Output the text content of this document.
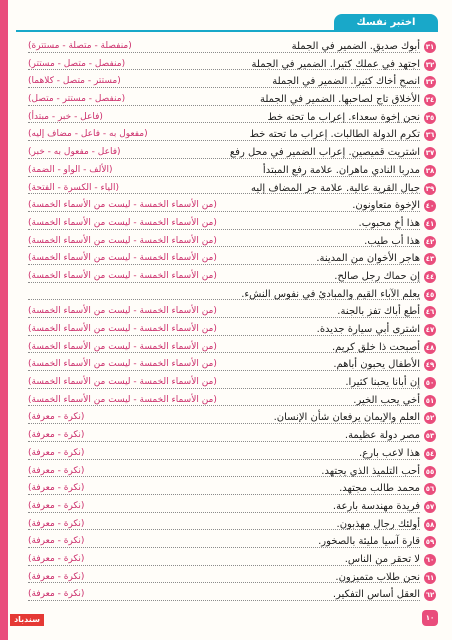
اختبر نفسك
٣١
أبوك صديق. الضمير في الجملة
(منفصلة - متصلة - مستترة)
٣٢
اجتهد في عملك كثيرا. الضمير في الجملة
(منفصل - متصل - مستتر)
٣٣
انصح أخاك كثيرا. الضمير في الجملة
(مستتر - متصل - كلاهما)
٣٤
الأخلاق تاج لصاحبها. الضمير في الجملة
(منفصل - مستتر - متصل)
٣٥
نحن إخوة سعداء. إعراب ما تحته خط
(فاعل - خبر - مبتدأ)
٣٦
تكرم الدولة الطالبات. إعراب ما تحته خط
(مفعول به - فاعل - مضاف إليه)
٣٧
اشتريت قميصين. إعراب الضمير في محل رفع
(فاعل - مفعول به - خبر)
٣٨
مدربا النادي ماهران. علامة رفع المبتدأ
(الألف - الواو - الضمة)
٣٩
جبال القرية عالية. علامة جر المضاف إليه
(الياء - الكسرة - الفتحة)
٤٠
الإخوة متعاونون.
(من الأسماء الخمسة - ليست من الأسماء الخمسة)
٤١
هذا أخ محبوب.
(من الأسماء الخمسة - ليست من الأسماء الخمسة)
٤٢
هذا أب طيب.
(من الأسماء الخمسة - ليست من الأسماء الخمسة)
٤٣
هاجر الأخوان من المدينة.
(من الأسماء الخمسة - ليست من الأسماء الخمسة)
٤٤
إن حماك رجل صالح.
(من الأسماء الخمسة - ليست من الأسماء الخمسة)
٤٥
يعلم الآباء القيم والمبادئ في نفوس النشء.
٤٦
أطع أباك تفز بالجنة.
(من الأسماء الخمسة - ليست من الأسماء الخمسة)
٤٧
اشترى أبي سيارة جديدة.
(من الأسماء الخمسة - ليست من الأسماء الخمسة)
٤٨
أصبحت ذا خلق كريم.
(من الأسماء الخمسة - ليست من الأسماء الخمسة)
٤٩
الأطفال يحبون أباهم.
(من الأسماء الخمسة - ليست من الأسماء الخمسة)
٥٠
إن أبانا يحبنا كثيرا.
(من الأسماء الخمسة - ليست من الأسماء الخمسة)
٥١
أخي يحب الخير.
(من الأسماء الخمسة - ليست من الأسماء الخمسة)
٥٢
العلم والإيمان يرفعان شأن الإنسان.
(نكرة - معرفة)
٥٣
مصر دولة عظيمة.
(نكرة - معرفة)
٥٤
هذا لاعب بارع.
(نكرة - معرفة)
٥٥
أحب التلميذ الذي يجتهد.
(نكرة - معرفة)
٥٦
محمد طالب مجتهد.
(نكرة - معرفة)
٥٧
فريدة مهندسة بارعة.
(نكرة - معرفة)
٥٨
أولئك رجال مهذبون.
(نكرة - معرفة)
٥٩
قارة آسيا مليئة بالصخور.
(نكرة - معرفة)
٦٠
لا تحقر من الناس.
(نكرة - معرفة)
٦١
نحن طلاب متميزون.
(نكرة - معرفة)
٦٢
العقل أساس التفكير.
(نكرة - معرفة)
سندباد	١٠
